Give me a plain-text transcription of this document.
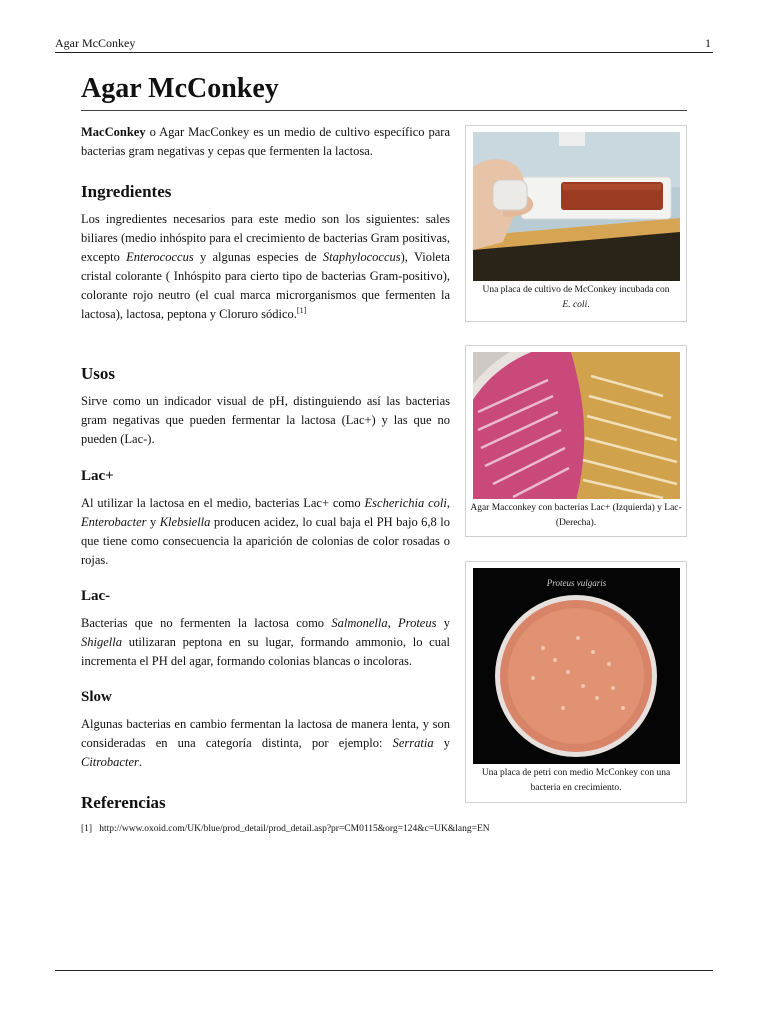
Agar McConkey	1
Agar McConkey

MacConkey o Agar MacConkey es un medio de cultivo específico para bacterias gram negativas y cepas que fermenten la lactosa.

Ingredientes

Los ingredientes necesarios para este medio son los siguientes: sales biliares (medio inhóspito para el crecimiento de bacterias Gram positivas, excepto Enterococcus y algunas especies de Staphylococcus), Violeta cristal colorante ( Inhóspito para cierto tipo de bacterias Gram-positivo), colorante rojo neutro (el cual marca microrganismos que fermenten la lactosa), lactosa, peptona y Cloruro sódico.[1]

Usos

Sirve como un indicador visual de pH, distinguiendo así las bacterias gram negativas que pueden fermentar la lactosa (Lac+) y las que no pueden (Lac-).

Lac+

Al utilizar la lactosa en el medio, bacterias Lac+ como Escherichia coli, Enterobacter y Klebsiella producen acidez, lo cual baja el PH bajo 6,8 lo que tiene como consecuencia la aparición de colonias de color rosadas o rojas.

Lac-

Bacterias que no fermenten la lactosa como Salmonella, Proteus y Shigella utilizaran peptona en su lugar, formando ammonio, lo cual incrementa el PH del agar, formando colonias blancas o incoloras.

Slow

Algunas bacterias en cambio fermentan la lactosa de manera lenta, y son consideradas en una categoría distinta, por ejemplo: Serratia y Citrobacter.

Referencias
[1] http://www.oxoid.com/UK/blue/prod_detail/prod_detail.asp?pr=CM0115&org=124&c=UK&lang=EN
Una placa de cultivo de McConkey incubada con
E. coli.
Agar Macconkey con bacterias Lac+ (Izquierda) y Lac- (Derecha).
Proteus vulgaris
Una placa de petri con medio McConkey con una bacteria en crecimiento.
